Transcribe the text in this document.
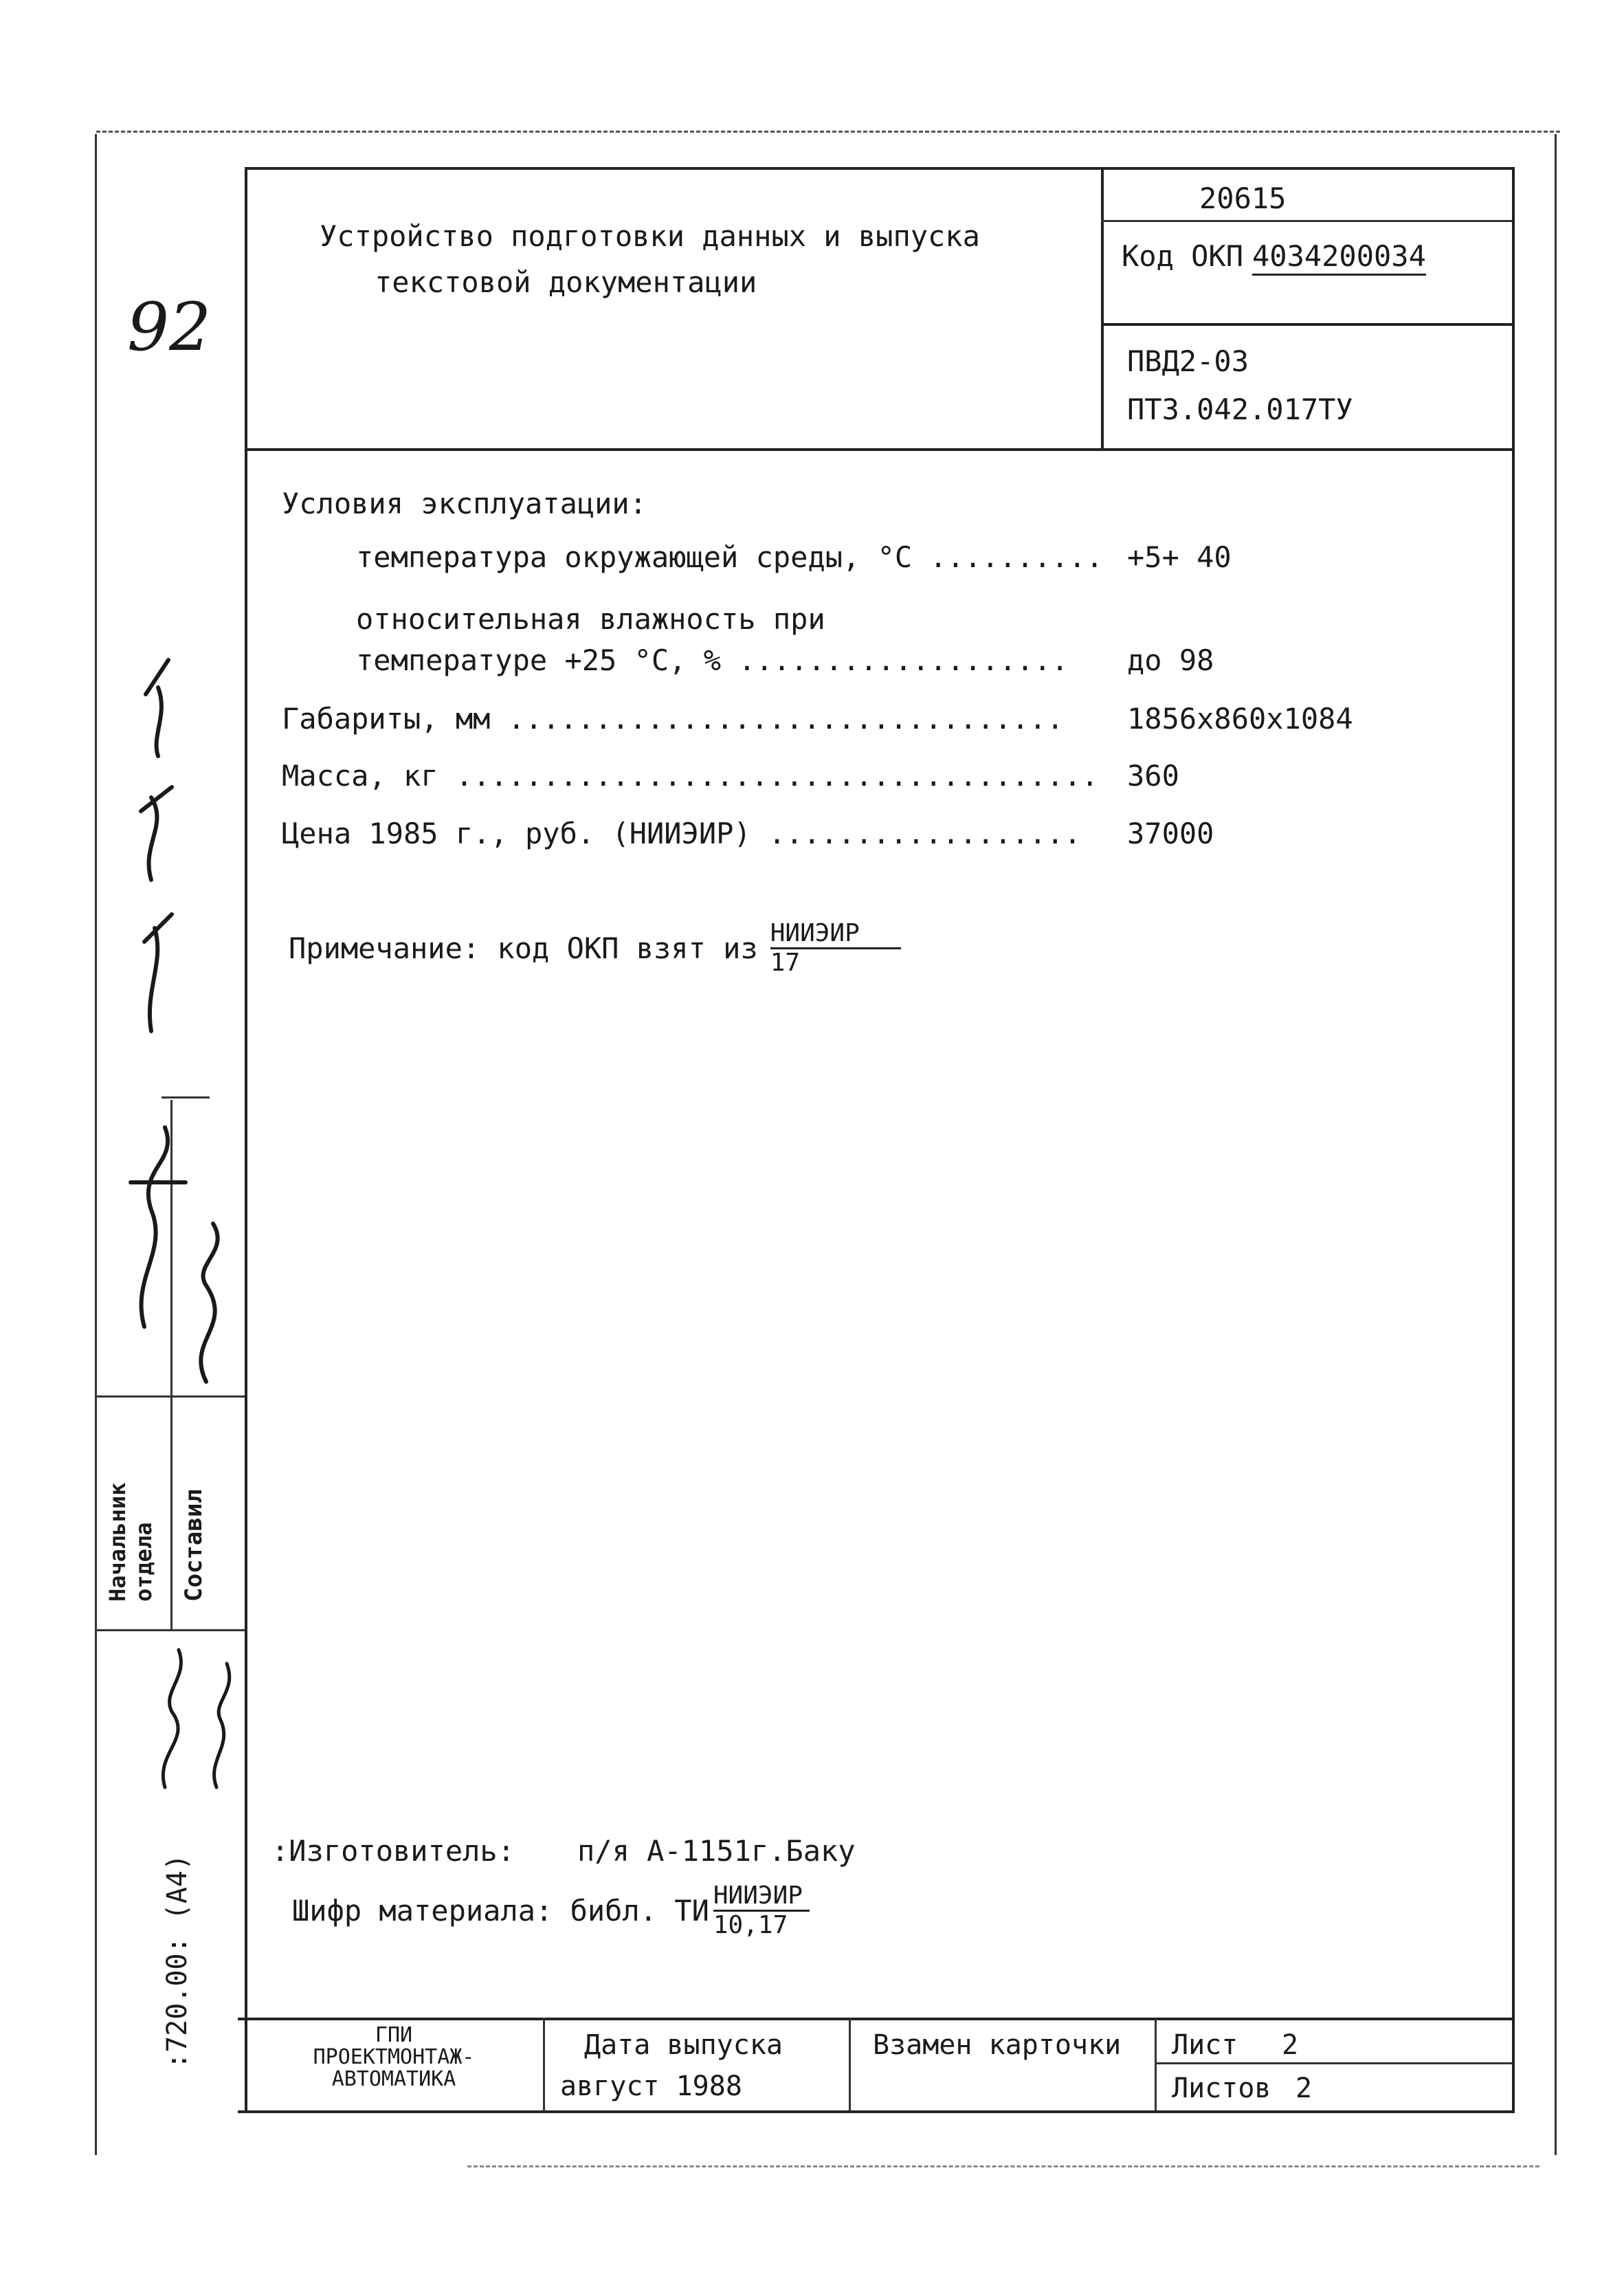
20615
Код ОКП 4034200034
Устройство подготовки данных и выпуска
текстовой документации
ПВД2-03
ПТ3.042.017ТУ
92
Условия эксплуатации:
температура окружающей среды, °С .......... +5+ 40
относительная влажность при
температуре +25 °С, % ................... до 98
Габариты, мм ................................ 1856х860х1084
Масса, кг ..................................... 360
Цена 1985 г., руб. (НИИЭИР) .................. 37000
Примечание: код ОКП взят из $\frac{\text{НИИЭИР}}{17}$
:Изготовитель: п/я А-1151г.Баку
Шифр материала: библ. ТИ $\frac{\text{НИИЭИР}}{10,17}$
Начальник отдела Составил
:720.00: (А4)	ГПИ
ПРОЕКТМОНТАЖ-
АВТОМАТИКА
Дата выпуска
август 1988
Взамен карточки Лист 2
Листов 2
